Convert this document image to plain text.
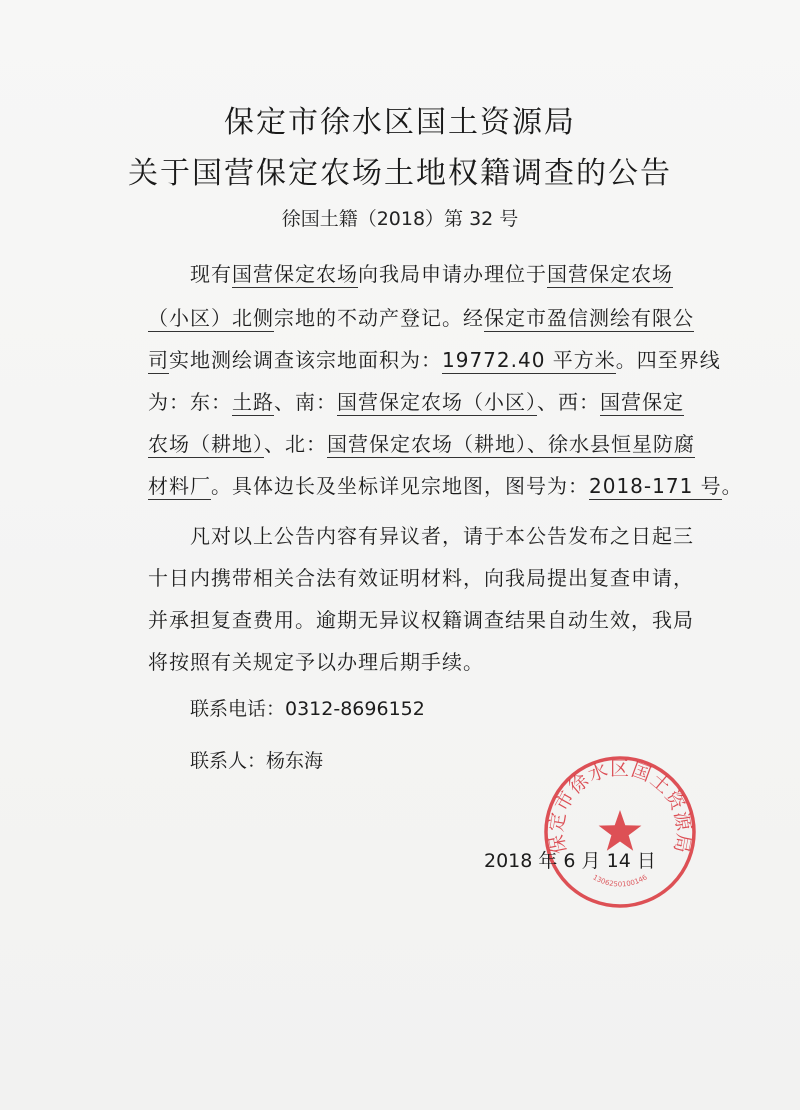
保定市徐水区国土资源局
关于国营保定农场土地权籍调查的公告
徐国土籍（2018）第 32 号
现有国营保定农场向我局申请办理位于国营保定农场
（小区）北侧宗地的不动产登记。经保定市盈信测绘有限公
司实地测绘调查该宗地面积为：19772.40 平方米。四至界线
为：东：土路、南：国营保定农场（小区）、西：国营保定
农场（耕地）、北：国营保定农场（耕地）、徐水县恒星防腐
材料厂。具体边长及坐标详见宗地图，图号为：2018-171 号。
凡对以上公告内容有异议者，请于本公告发布之日起三
十日内携带相关合法有效证明材料，向我局提出复查申请，
并承担复查费用。逾期无异议权籍调查结果自动生效，我局
将按照有关规定予以办理后期手续。
联系电话：0312-8696152
联系人：杨东海
保定市徐水区国土资源局
1306250100146
2018 年 6 月 14 日
